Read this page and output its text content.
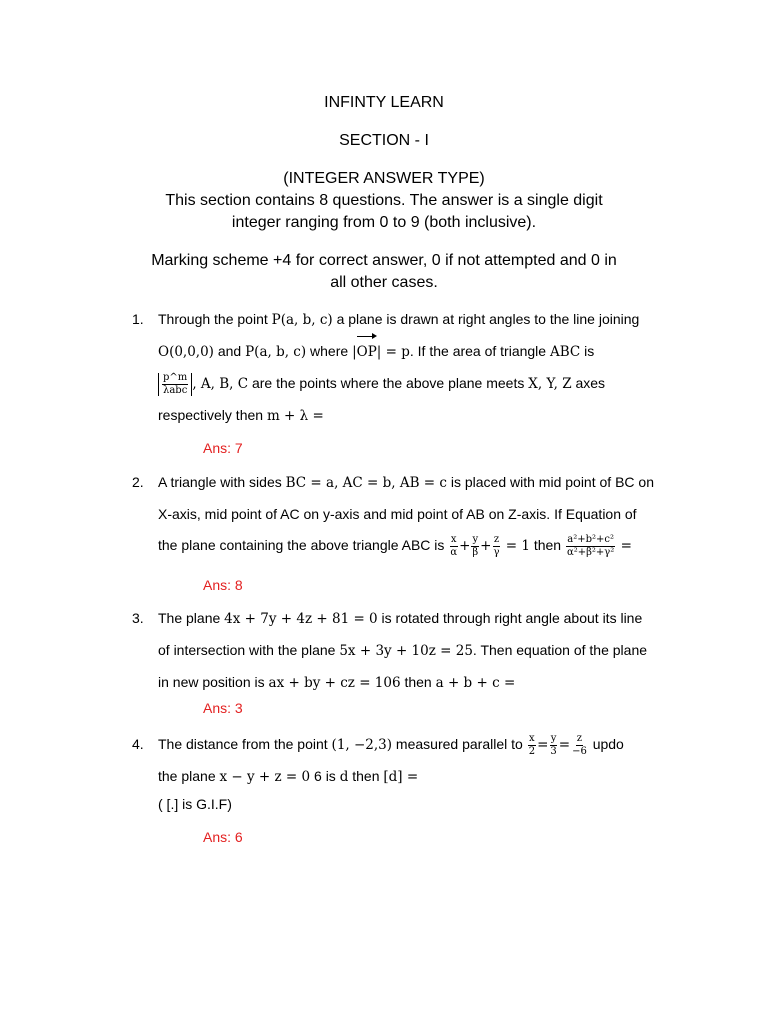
INFINTY LEARN
SECTION - I
(INTEGER ANSWER TYPE)
This section contains 8 questions. The answer is a single digit
integer ranging from 0 to 9 (both inclusive).
Marking scheme +4 for correct answer, 0 if not attempted and 0 in
all other cases.
1. Through the point P(a, b, c) a plane is drawn at right angles to the line joining
O(0,0,0) and P(a, b, c) where |OP| = p. If the area of triangle ABC is
$\frac{p\^{}m}{\text{λabc}}$ , A, B, C are the points where the above plane meets X, Y, Z axes
respectively then m + λ =
Ans: 7
2. A triangle with sides BC = a, AC = b, AB = c is placed with mid point of BC on
X-axis, mid point of AC on y-axis and mid point of AB on Z-axis. If Equation of
the plane containing the above triangle ABC is $\frac{x}{\alpha} + \frac{y}{\beta} + \frac{z}{\gamma} = 1$ then $\frac{\text{a²+b²+c²}}{\text{α²+β²+γ²}}$ =
Ans: 8
3. The plane 4x + 7y + 4z + 81 = 0 is rotated through right angle about its line
of intersection with the plane 5x + 3y + 10z = 25. Then equation of the plane
in new position is ax + by + cz = 106 then a + b + c =
Ans: 3
4. The distance from the point (1, −2,3) measured parallel to $\frac{x}{2} = \frac{y}{3} = \frac{z}{-6}$ updo
the plane x − y + z = 0 6 is d then [d] =
( [.] is G.I.F)
Ans: 6
